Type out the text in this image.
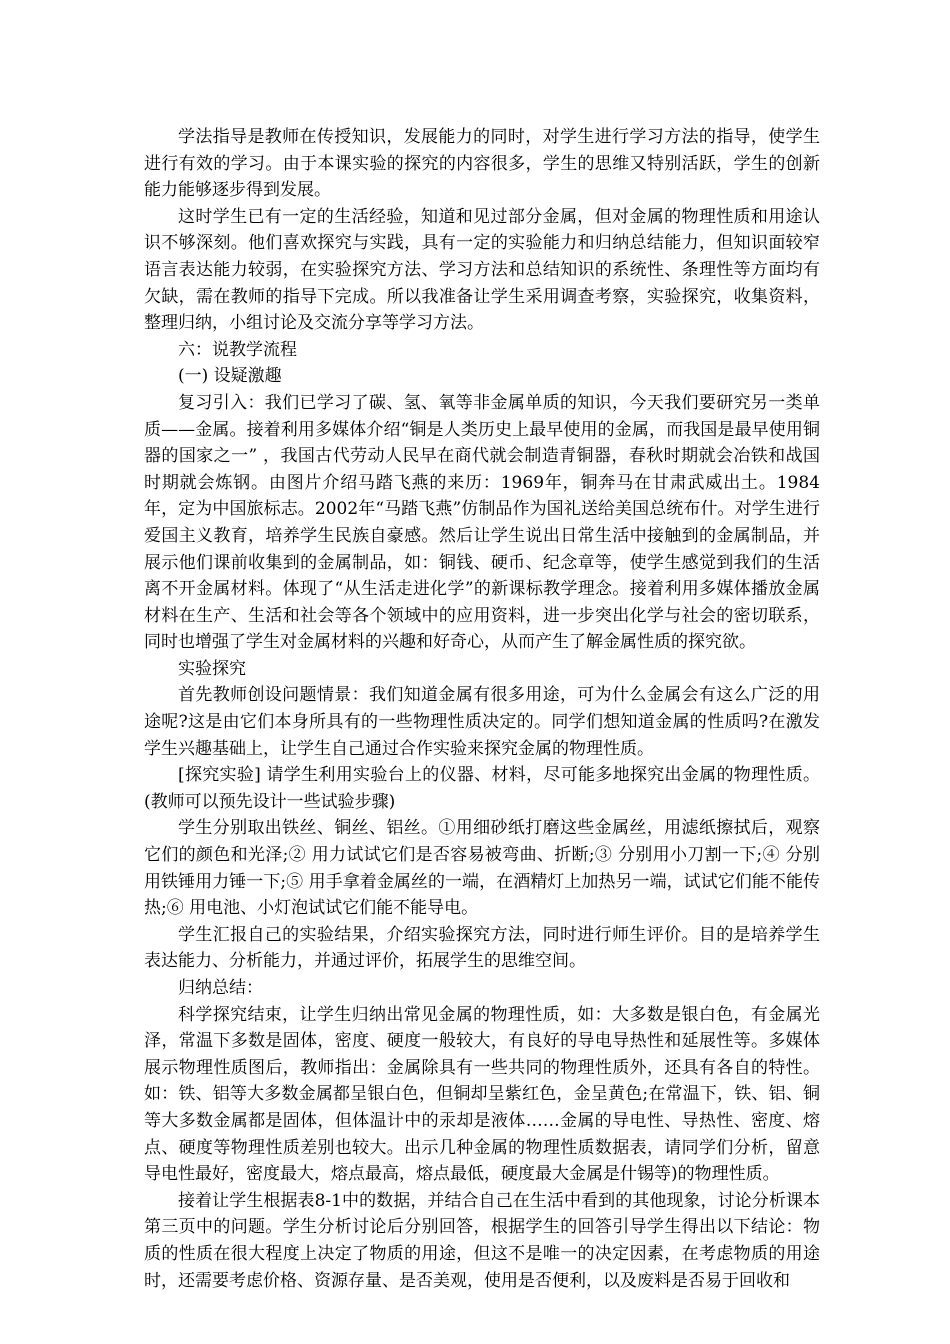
学法指导是教师在传授知识，发展能力的同时，对学生进行学习方法的指导，使学生进行有效的学习。由于本课实验的探究的内容很多，学生的思维又特别活跃，学生的创新能力能够逐步得到发展。

这时学生已有一定的生活经验，知道和见过部分金属，但对金属的物理性质和用途认识不够深刻。他们喜欢探究与实践，具有一定的实验能力和归纳总结能力，但知识面较窄语言表达能力较弱，在实验探究方法、学习方法和总结知识的系统性、条理性等方面均有欠缺，需在教师的指导下完成。所以我准备让学生采用调查考察，实验探究，收集资料，整理归纳，小组讨论及交流分享等学习方法。

六：说教学流程

(一) 设疑激趣

复习引入：我们已学习了碳、氢、氧等非金属单质的知识，今天我们要研究另一类单质——金属。接着利用多媒体介绍“铜是人类历史上最早使用的金属，而我国是最早使用铜器的国家之一” ，我国古代劳动人民早在商代就会制造青铜器，春秋时期就会冶铁和战国时期就会炼钢。由图片介绍马踏飞燕的来历：1969年，铜奔马在甘肃武威出土。1984年，定为中国旅标志。2002年“马踏飞燕”仿制品作为国礼送给美国总统布什。对学生进行爱国主义教育，培养学生民族自豪感。然后让学生说出日常生活中接触到的金属制品，并展示他们课前收集到的金属制品，如：铜钱、硬币、纪念章等，使学生感觉到我们的生活离不开金属材料。体现了“从生活走进化学”的新课标教学理念。接着利用多媒体播放金属材料在生产、生活和社会等各个领域中的应用资料，进一步突出化学与社会的密切联系，同时也增强了学生对金属材料的兴趣和好奇心，从而产生了解金属性质的探究欲。

实验探究

首先教师创设问题情景：我们知道金属有很多用途，可为什么金属会有这么广泛的用途呢?这是由它们本身所具有的一些物理性质决定的。同学们想知道金属的性质吗?在激发学生兴趣基础上，让学生自己通过合作实验来探究金属的物理性质。

[探究实验] 请学生利用实验台上的仪器、材料，尽可能多地探究出金属的物理性质。(教师可以预先设计一些试验步骤)

学生分别取出铁丝、铜丝、铝丝。①用细砂纸打磨这些金属丝，用滤纸擦拭后，观察它们的颜色和光泽;② 用力试试它们是否容易被弯曲、折断;③ 分别用小刀割一下;④ 分别用铁锤用力锤一下;⑤ 用手拿着金属丝的一端，在酒精灯上加热另一端，试试它们能不能传热;⑥ 用电池、小灯泡试试它们能不能导电。

学生汇报自己的实验结果，介绍实验探究方法，同时进行师生评价。目的是培养学生表达能力、分析能力，并通过评价，拓展学生的思维空间。

归纳总结：

科学探究结束，让学生归纳出常见金属的物理性质，如：大多数是银白色，有金属光泽，常温下多数是固体，密度、硬度一般较大，有良好的导电导热性和延展性等。多媒体展示物理性质图后，教师指出：金属除具有一些共同的物理性质外，还具有各自的特性。如：铁、铝等大多数金属都呈银白色，但铜却呈紫红色，金呈黄色;在常温下，铁、铝、铜等大多数金属都是固体，但体温计中的汞却是液体……金属的导电性、导热性、密度、熔点、硬度等物理性质差别也较大。出示几种金属的物理性质数据表，请同学们分析，留意导电性最好，密度最大，熔点最高，熔点最低，硬度最大金属是什锡等)的物理性质。

接着让学生根据表8-1中的数据，并结合自己在生活中看到的其他现象，讨论分析课本第三页中的问题。学生分析讨论后分别回答，根据学生的回答引导学生得出以下结论：物质的性质在很大程度上决定了物质的用途，但这不是唯一的决定因素，在考虑物质的用途时，还需要考虑价格、资源存量、是否美观，使用是否便利，以及废料是否易于回收和
